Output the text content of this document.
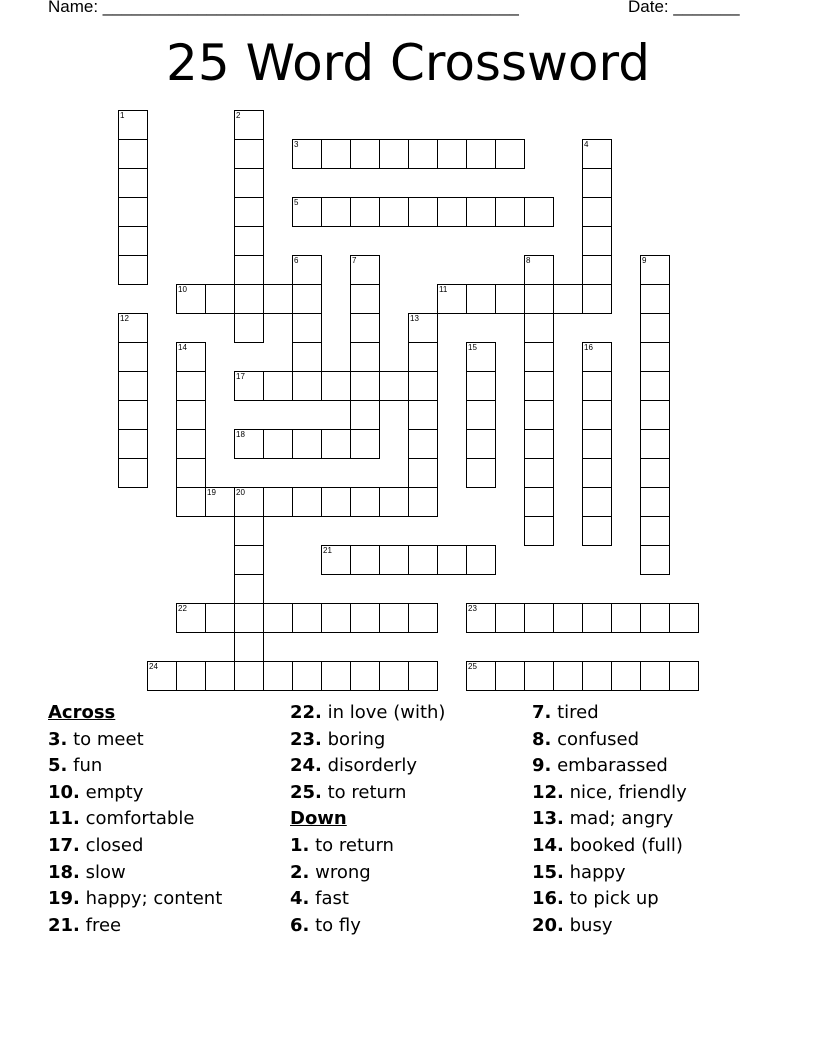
Name: ____________________________________________	Date: _______
25 Word Crossword
1	2
3	4
5
6	7	8	9
10	11
12	13
14	15	16
17
18
19	20
21
22	23
24	25
Across
3. to meet
5. fun
10. empty
11. comfortable
17. closed
18. slow
19. happy; content
21. free
22. in love (with)
23. boring
24. disorderly
25. to return
Down
1. to return
2. wrong
4. fast
6. to fly
7. tired
8. confused
9. embarassed
12. nice, friendly
13. mad; angry
14. booked (full)
15. happy
16. to pick up
20. busy
